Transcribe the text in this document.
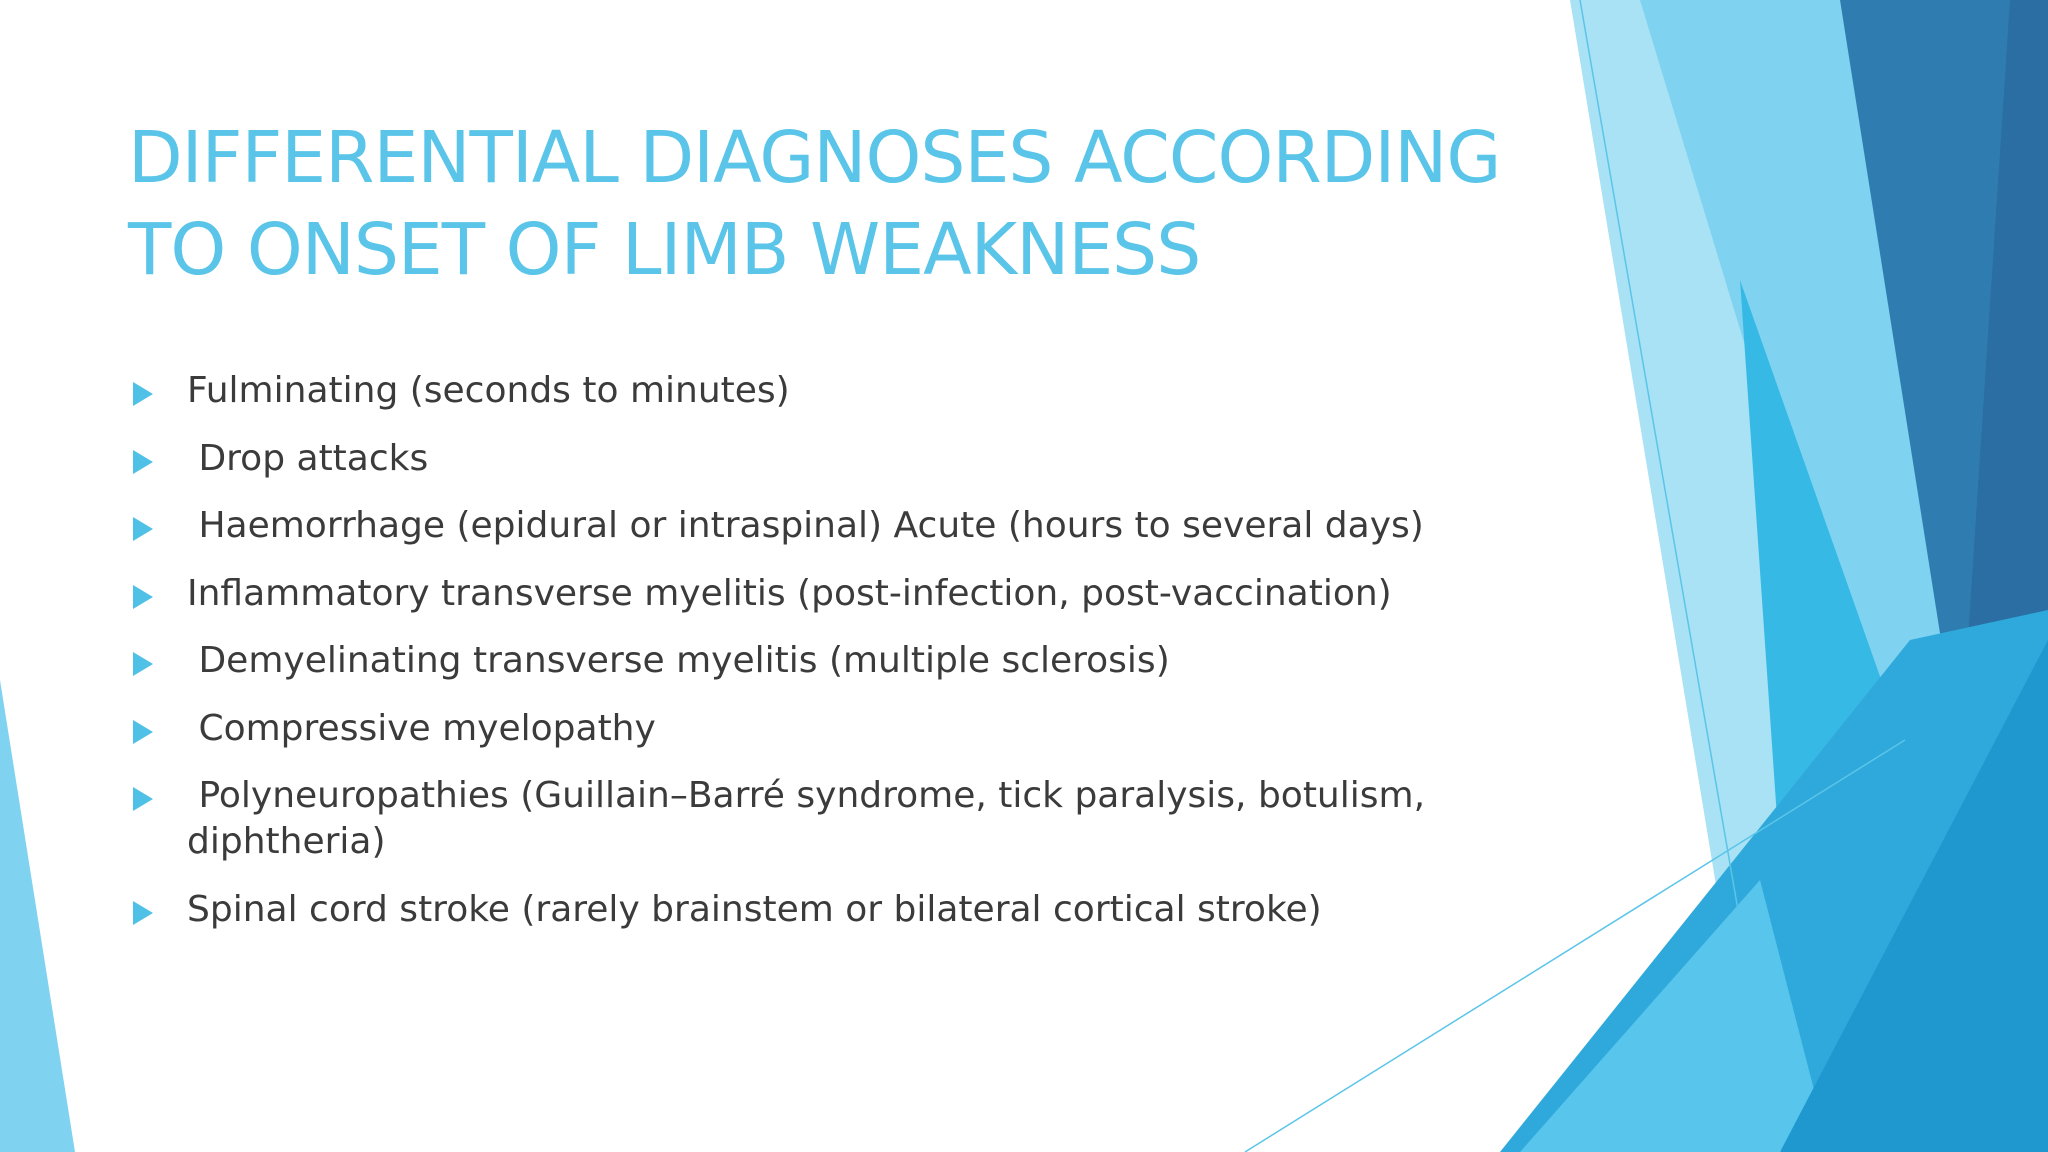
DIFFERENTIAL DIAGNOSES ACCORDING
TO ONSET OF LIMB WEAKNESS
Fulminating (seconds to minutes)
Drop attacks
Haemorrhage (epidural or intraspinal) Acute (hours to several days)
Inflammatory transverse myelitis (post-infection, post-vaccination)
Demyelinating transverse myelitis (multiple sclerosis)
Compressive myelopathy
Polyneuropathies (Guillain–Barré syndrome, tick paralysis, botulism,
diphtheria)
Spinal cord stroke (rarely brainstem or bilateral cortical stroke)
